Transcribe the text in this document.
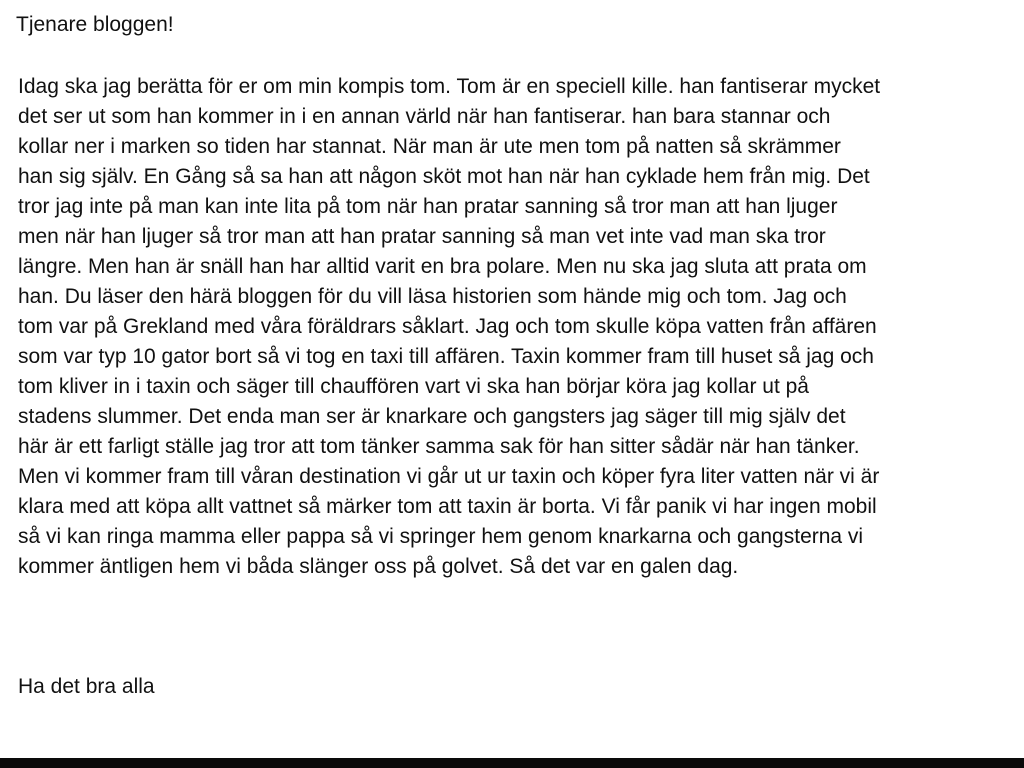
Tjenare bloggen!
Idag ska jag berätta för er om min kompis tom. Tom är en speciell kille. han fantiserar mycket
det ser ut som han kommer in i en annan värld när han fantiserar. han bara stannar och
kollar ner i marken so tiden har stannat. När man är ute men tom på natten så skrämmer
han sig själv. En Gång så sa han att någon sköt mot han när han cyklade hem från mig. Det
tror jag inte på man kan inte lita på tom när han pratar sanning så tror man att han ljuger
men när han ljuger så tror man att han pratar sanning så man vet inte vad man ska tror
längre. Men han är snäll han har alltid varit en bra polare. Men nu ska jag sluta att prata om
han. Du läser den härä bloggen för du vill läsa historien som hände mig och tom. Jag och
tom var på Grekland med våra föräldrars såklart. Jag och tom skulle köpa vatten från affären
som var typ 10 gator bort så vi tog en taxi till affären. Taxin kommer fram till huset så jag och
tom kliver in i taxin och säger till chauffören vart vi ska han börjar köra jag kollar ut på
stadens slummer. Det enda man ser är knarkare och gangsters jag säger till mig själv det
här är ett farligt ställe jag tror att tom tänker samma sak för han sitter sådär när han tänker.
Men vi kommer fram till våran destination vi går ut ur taxin och köper fyra liter vatten när vi är
klara med att köpa allt vattnet så märker tom att taxin är borta. Vi får panik vi har ingen mobil
så vi kan ringa mamma eller pappa så vi springer hem genom knarkarna och gangsterna vi
kommer äntligen hem vi båda slänger oss på golvet. Så det var en galen dag.
Ha det bra alla
